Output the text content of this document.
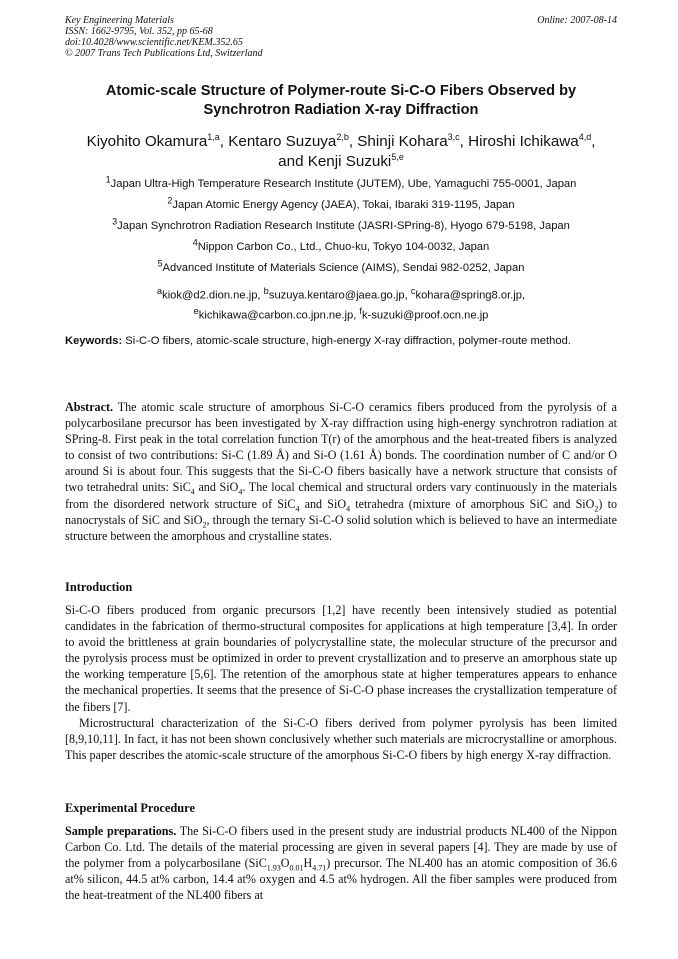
Key Engineering Materials
ISSN: 1662-9795, Vol. 352, pp 65-68
doi:10.4028/www.scientific.net/KEM.352.65
© 2007 Trans Tech Publications Ltd, Switzerland
Online: 2007-08-14
Atomic-scale Structure of Polymer-route Si-C-O Fibers Observed by
Synchrotron Radiation X-ray Diffraction
Kiyohito Okamura$^{1,a}$, Kentaro Suzuya$^{2,b}$, Shinji Kohara$^{3,c}$, Hiroshi Ichikawa$^{4,d}$,
and Kenji Suzuki$^{5,e}$
$^1$Japan Ultra-High Temperature Research Institute (JUTEM), Ube, Yamaguchi 755-0001, Japan
$^2$Japan Atomic Energy Agency (JAEA), Tokai, Ibaraki 319-1195, Japan
$^3$Japan Synchrotron Radiation Research Institute (JASRI-SPring-8), Hyogo 679-5198, Japan
$^4$Nippon Carbon Co., Ltd., Chuo-ku, Tokyo 104-0032, Japan
$^5$Advanced Institute of Materials Science (AIMS), Sendai 982-0252, Japan
$^a$kiok@d2.dion.ne.jp, $^b$suzuya.kentaro@jaea.go.jp, $^c$kohara@spring8.or.jp,
$^e$kichikawa@carbon.co.jpn.ne.jp, $^f$k-suzuki@proof.ocn.ne.jp
Keywords: Si-C-O fibers, atomic-scale structure, high-energy X-ray diffraction, polymer-route method.

Abstract. The atomic scale structure of amorphous Si-C-O ceramics fibers produced from the pyrolysis of a polycarbosilane precursor has been investigated by X-ray diffraction using high-energy synchrotron radiation at SPring-8. First peak in the total correlation function T(r) of the amorphous and the heat-treated fibers is analyzed to consist of two contributions: Si-C (1.89 Å) and Si-O (1.61 Å) bonds. The coordination number of C and/or O around Si is about four. This suggests that the Si-C-O fibers basically have a network structure that consists of two tetrahedral units: SiC$_4$ and SiO$_4$. The local chemical and structural orders vary continuously in the materials from the disordered network structure of SiC$_4$ and SiO$_4$ tetrahedra (mixture of amorphous SiC and SiO$_2$) to nanocrystals of SiC and SiO$_2$, through the ternary Si-C-O solid solution which is believed to have an intermediate structure between the amorphous and crystalline states.

Introduction

Si-C-O fibers produced from organic precursors [1,2] have recently been intensively studied as potential candidates in the fabrication of thermo-structural composites for applications at high temperature [3,4]. In order to avoid the brittleness at grain boundaries of polycrystalline state, the molecular structure of the precursor and the pyrolysis process must be optimized in order to prevent crystallization and to preserve an amorphous state up the working temperature [5,6]. The retention of the amorphous state at higher temperatures appears to enhance the mechanical properties. It seems that the presence of Si-C-O phase increases the crystallization temperature of the fibers [7].

Microstructural characterization of the Si-C-O fibers derived from polymer pyrolysis has been limited [8,9,10,11]. In fact, it has not been shown conclusively whether such materials are microcrystalline or amorphous. This paper describes the atomic-scale structure of the amorphous Si-C-O fibers by high energy X-ray diffraction.

Experimental Procedure

Sample preparations. The Si-C-O fibers used in the present study are industrial products NL400 of the Nippon Carbon Co. Ltd. The details of the material processing are given in several papers [4]. They are made by use of the polymer from a polycarbosilane $(SiC_{1.93}O_{0.01}H_{4.71})$ precursor. The NL400 has an atomic composition of 36.6 at% silicon, 44.5 at% carbon, 14.4 at% oxygen and 4.5 at% hydrogen. All the fiber samples were produced from the heat-treatment of the NL400 fibers at
